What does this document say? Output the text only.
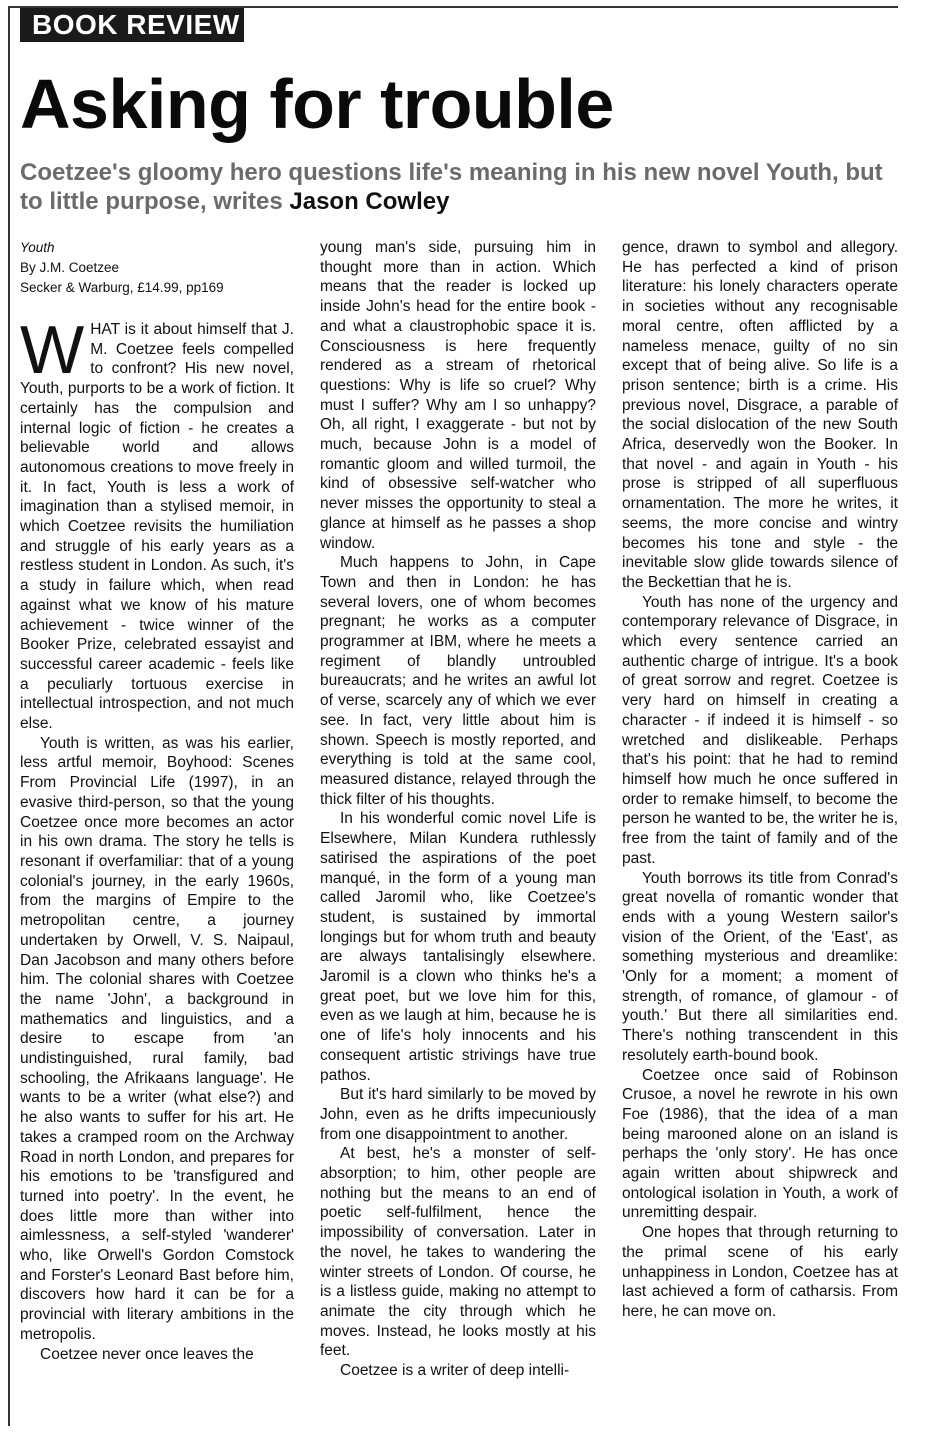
BOOK REVIEW
Asking for trouble

Coetzee's gloomy hero questions life's meaning in his new novel Youth, but to little purpose, writes Jason Cowley

Youth
By J.M. Coetzee
Secker & Warburg, £14.99, pp169

WHAT is it about himself that J. M. Coetzee feels compelled to confront? His new novel, Youth, purports to be a work of fiction. It certainly has the compulsion and internal logic of fiction - he creates a believable world and allows autonomous creations to move freely in it. In fact, Youth is less a work of imagination than a stylised memoir, in which Coetzee revisits the humiliation and struggle of his early years as a restless student in London. As such, it's a study in failure which, when read against what we know of his mature achievement - twice winner of the Booker Prize, celebrated essayist and successful career academic - feels like a peculiarly tortuous exercise in intellectual introspection, and not much else.

Youth is written, as was his earlier, less artful memoir, Boyhood: Scenes From Provincial Life (1997), in an evasive third-person, so that the young Coetzee once more becomes an actor in his own drama. The story he tells is resonant if overfamiliar: that of a young colonial's journey, in the early 1960s, from the margins of Empire to the metropolitan centre, a journey undertaken by Orwell, V. S. Naipaul, Dan Jacobson and many others before him. The colonial shares with Coetzee the name 'John', a background in mathematics and linguistics, and a desire to escape from 'an undistinguished, rural family, bad schooling, the Afrikaans language'. He wants to be a writer (what else?) and he also wants to suffer for his art. He takes a cramped room on the Archway Road in north London, and prepares for his emotions to be 'transfigured and turned into poetry'. In the event, he does little more than wither into aimlessness, a self-styled 'wanderer' who, like Orwell's Gordon Comstock and Forster's Leonard Bast before him, discovers how hard it can be for a provincial with literary ambitions in the metropolis.

Coetzee never once leaves the

young man's side, pursuing him in thought more than in action. Which means that the reader is locked up inside John's head for the entire book - and what a claustrophobic space it is. Consciousness is here frequently rendered as a stream of rhetorical questions: Why is life so cruel? Why must I suffer? Why am I so unhappy? Oh, all right, I exaggerate - but not by much, because John is a model of romantic gloom and willed turmoil, the kind of obsessive self-watcher who never misses the opportunity to steal a glance at himself as he passes a shop window.

Much happens to John, in Cape Town and then in London: he has several lovers, one of whom becomes pregnant; he works as a computer programmer at IBM, where he meets a regiment of blandly untroubled bureaucrats; and he writes an awful lot of verse, scarcely any of which we ever see. In fact, very little about him is shown. Speech is mostly reported, and everything is told at the same cool, measured distance, relayed through the thick filter of his thoughts.

In his wonderful comic novel Life is Elsewhere, Milan Kundera ruthlessly satirised the aspirations of the poet manqué, in the form of a young man called Jaromil who, like Coetzee's student, is sustained by immortal longings but for whom truth and beauty are always tantalisingly elsewhere. Jaromil is a clown who thinks he's a great poet, but we love him for this, even as we laugh at him, because he is one of life's holy innocents and his consequent artistic strivings have true pathos.

But it's hard similarly to be moved by John, even as he drifts impecuniously from one disappointment to another.

At best, he's a monster of self-absorption; to him, other people are nothing but the means to an end of poetic self-fulfilment, hence the impossibility of conversation. Later in the novel, he takes to wandering the winter streets of London. Of course, he is a listless guide, making no attempt to animate the city through which he moves. Instead, he looks mostly at his feet.

Coetzee is a writer of deep intelli-

gence, drawn to symbol and allegory. He has perfected a kind of prison literature: his lonely characters operate in societies without any recognisable moral centre, often afflicted by a nameless menace, guilty of no sin except that of being alive. So life is a prison sentence; birth is a crime. His previous novel, Disgrace, a parable of the social dislocation of the new South Africa, deservedly won the Booker. In that novel - and again in Youth - his prose is stripped of all superfluous ornamentation. The more he writes, it seems, the more concise and wintry becomes his tone and style - the inevitable slow glide towards silence of the Beckettian that he is.

Youth has none of the urgency and contemporary relevance of Disgrace, in which every sentence carried an authentic charge of intrigue. It's a book of great sorrow and regret. Coetzee is very hard on himself in creating a character - if indeed it is himself - so wretched and dislikeable. Perhaps that's his point: that he had to remind himself how much he once suffered in order to remake himself, to become the person he wanted to be, the writer he is, free from the taint of family and of the past.

Youth borrows its title from Conrad's great novella of romantic wonder that ends with a young Western sailor's vision of the Orient, of the 'East', as something mysterious and dreamlike: 'Only for a moment; a moment of strength, of romance, of glamour - of youth.' But there all similarities end. There's nothing transcendent in this resolutely earth-bound book.

Coetzee once said of Robinson Crusoe, a novel he rewrote in his own Foe (1986), that the idea of a man being marooned alone on an island is perhaps the 'only story'. He has once again written about shipwreck and ontological isolation in Youth, a work of unremitting despair.

One hopes that through returning to the primal scene of his early unhappiness in London, Coetzee has at last achieved a form of catharsis. From here, he can move on.
